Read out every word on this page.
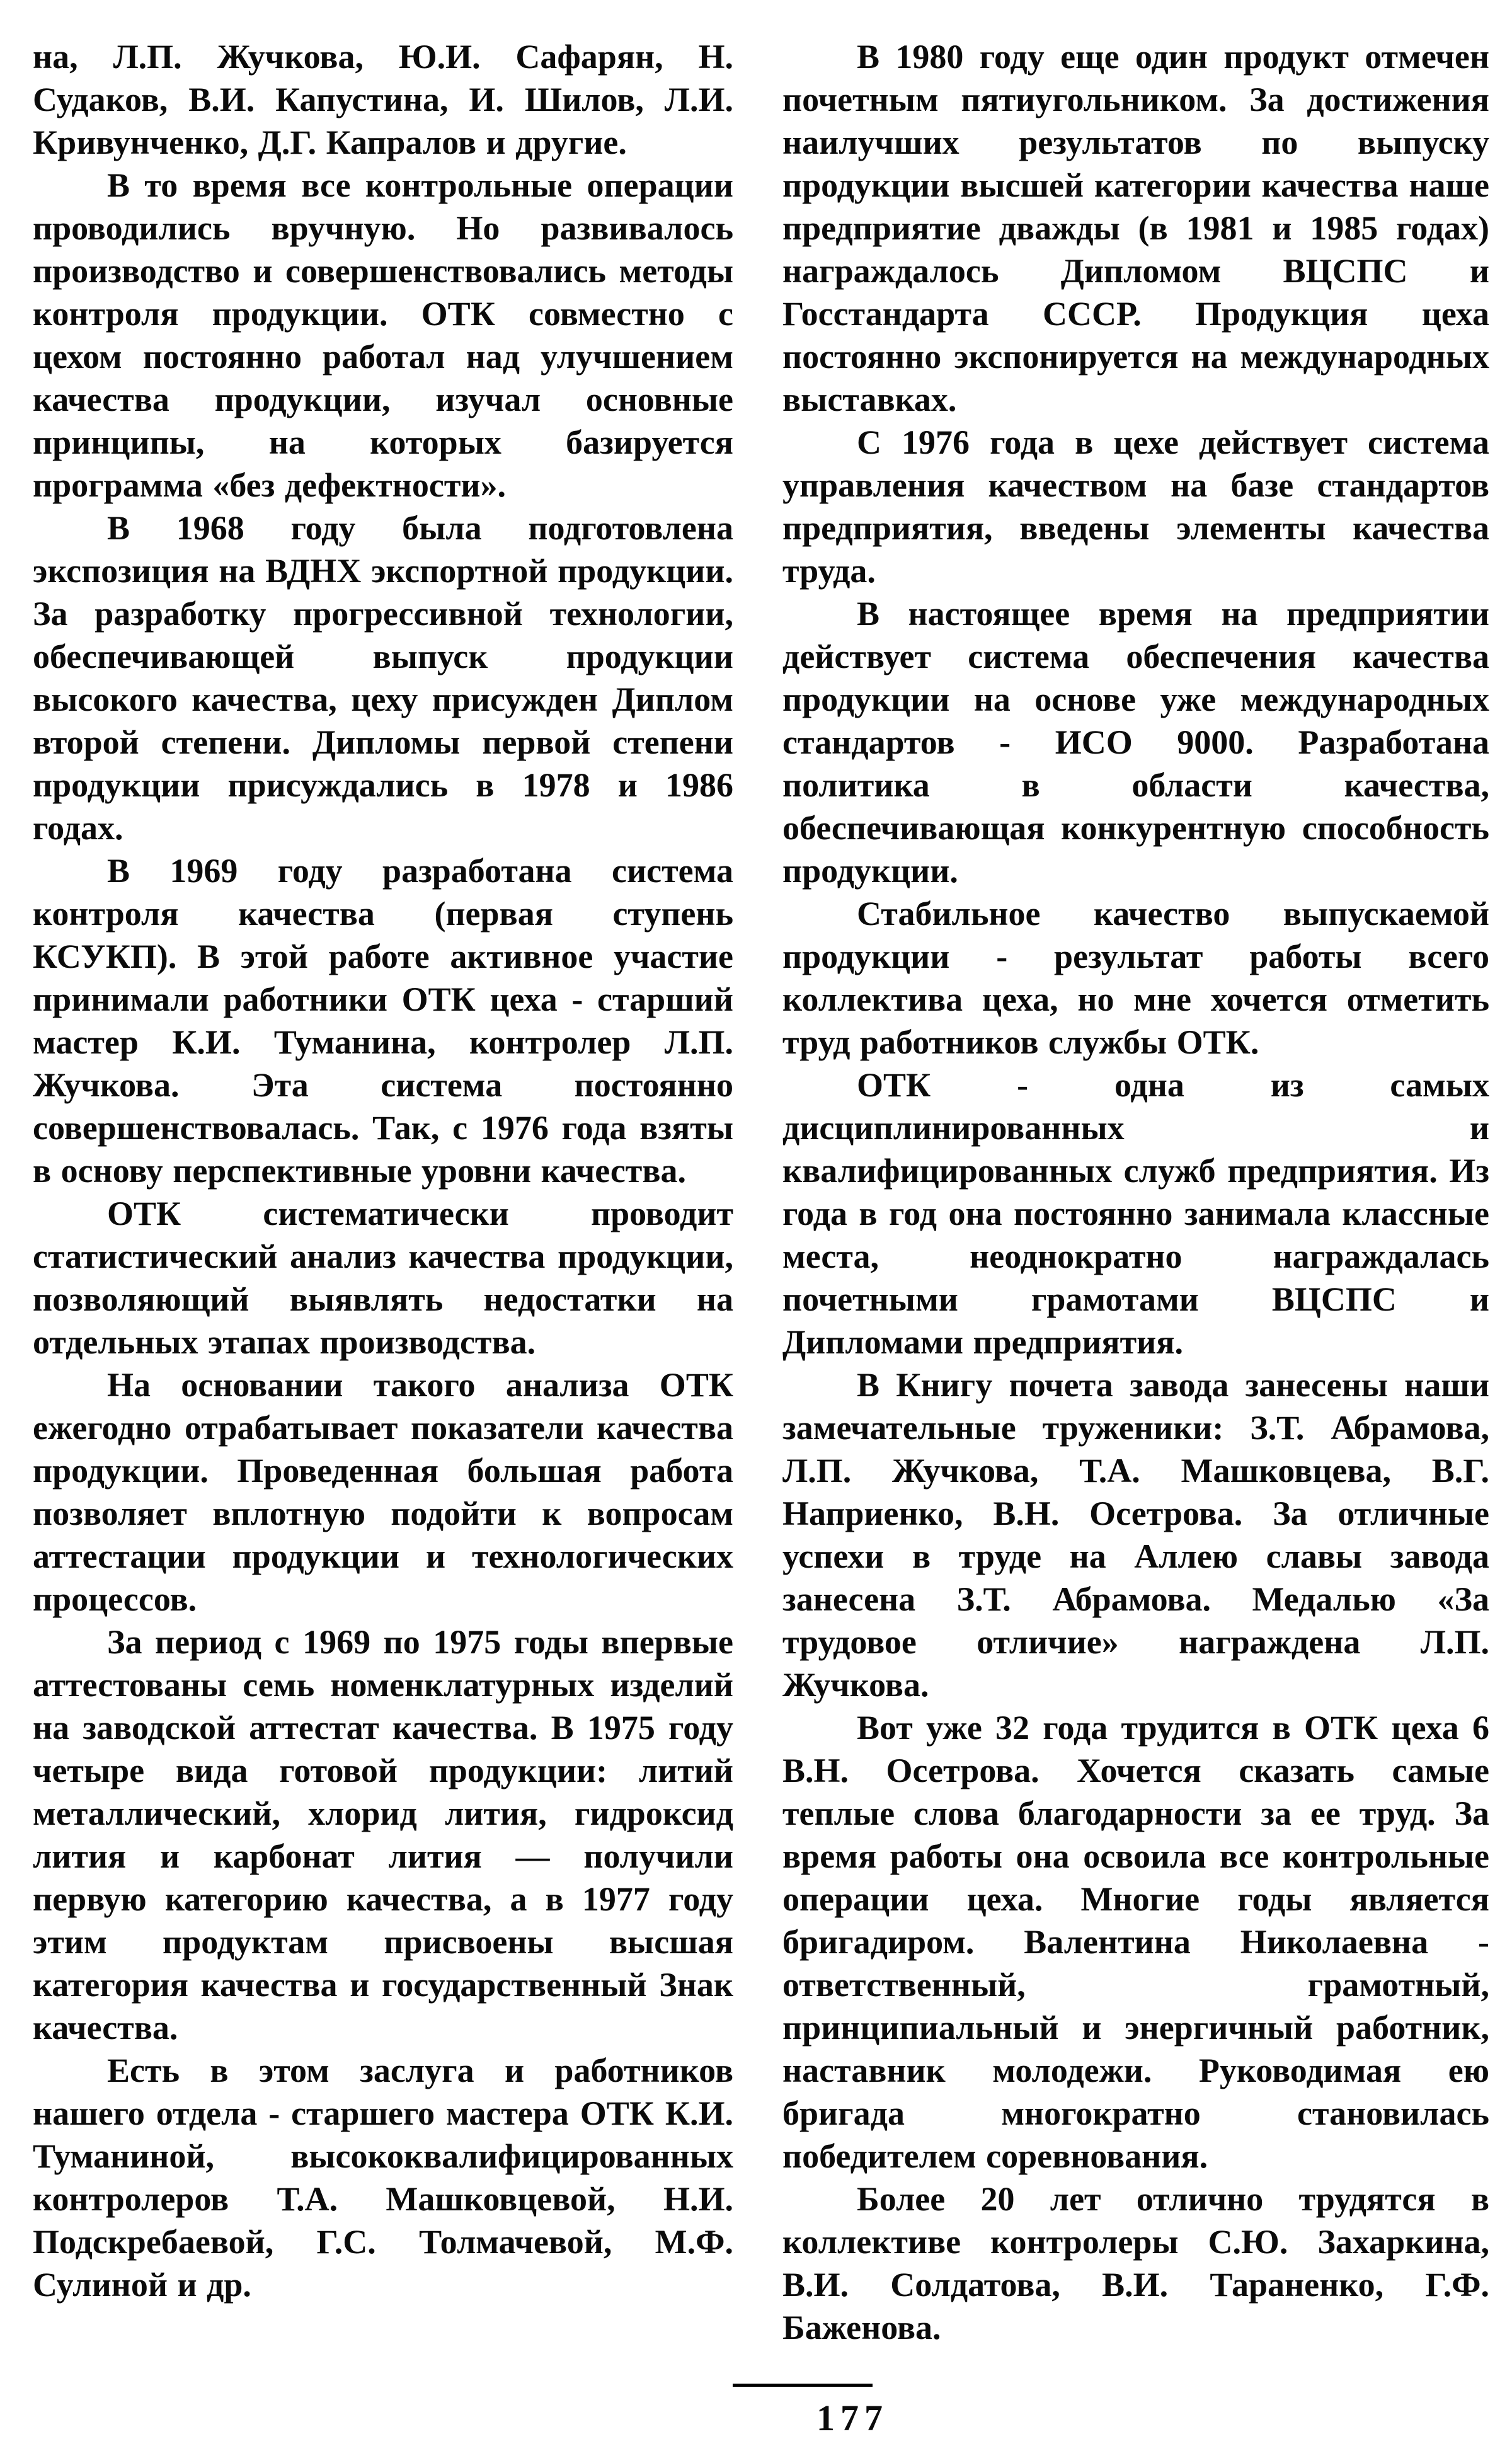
на, Л.П. Жучкова, Ю.И. Сафарян, Н. Судаков, В.И. Капустина, И. Шилов, Л.И. Кривунченко, Д.Г. Капралов и другие.

В то время все контрольные операции проводились вручную. Но развивалось производство и совершенствовались методы контроля продукции. ОТК совместно с цехом постоянно работал над улучшением качества продукции, изучал основные принципы, на которых базируется программа «без дефектности».

В 1968 году была подготовлена экспозиция на ВДНХ экспортной продукции. За разработку прогрессивной технологии, обеспечивающей выпуск продукции высокого качества, цеху присужден Диплом второй степени. Дипломы первой степени продукции присуждались в 1978 и 1986 годах.

В 1969 году разработана система контроля качества (первая ступень КСУКП). В этой работе активное участие принимали работники ОТК цеха - старший мастер К.И. Туманина, контролер Л.П. Жучкова. Эта система постоянно совершенствовалась. Так, с 1976 года взяты в основу перспективные уровни качества.

ОТК систематически проводит статистический анализ качества продукции, позволяющий выявлять недостатки на отдельных этапах производства.

На основании такого анализа ОТК ежегодно отрабатывает показатели качества продукции. Проведенная большая работа позволяет вплотную подойти к вопросам аттестации продукции и технологических процессов.

За период с 1969 по 1975 годы впервые аттестованы семь номенклатурных изделий на заводской аттестат качества. В 1975 году четыре вида готовой продукции: литий металлический, хлорид лития, гидроксид лития и карбонат лития — получили первую категорию качества, а в 1977 году этим продуктам присвоены высшая категория качества и государственный Знак качества.

Есть в этом заслуга и работников нашего отдела - старшего мастера ОТК К.И. Туманиной, высококвалифицированных контролеров Т.А. Машковцевой, Н.И. Подскребаевой, Г.С. Толмачевой, М.Ф. Сулиной и др.

В 1980 году еще один продукт отмечен почетным пятиугольником. За достижения наилучших результатов по выпуску продукции высшей категории качества наше предприятие дважды (в 1981 и 1985 годах) награждалось Дипломом ВЦСПС и Госстандарта СССР. Продукция цеха постоянно экспонируется на международных выставках.

С 1976 года в цехе действует система управления качеством на базе стандартов предприятия, введены элементы качества труда.

В настоящее время на предприятии действует система обеспечения качества продукции на основе уже международных стандартов - ИСО 9000. Разработана политика в области качества, обеспечивающая конкурентную способность продукции.

Стабильное качество выпускаемой продукции - результат работы всего коллектива цеха, но мне хочется отметить труд работников службы ОТК.

ОТК - одна из самых дисциплинированных и квалифицированных служб предприятия. Из года в год она постоянно занимала классные места, неоднократно награждалась почетными грамотами ВЦСПС и Дипломами предприятия.

В Книгу почета завода занесены наши замечательные труженики: З.Т. Абрамова, Л.П. Жучкова, Т.А. Машковцева, В.Г. Наприенко, В.Н. Осетрова. За отличные успехи в труде на Аллею славы завода занесена З.Т. Абрамова. Медалью «За трудовое отличие» награждена Л.П. Жучкова.

Вот уже 32 года трудится в ОТК цеха 6 В.Н. Осетрова. Хочется сказать самые теплые слова благодарности за ее труд. За время работы она освоила все контрольные операции цеха. Многие годы является бригадиром. Валентина Николаевна - ответственный, грамотный, принципиальный и энергичный работник, наставник молодежи. Руководимая ею бригада многократно становилась победителем соревнования.

Более 20 лет отлично трудятся в коллективе контролеры С.Ю. Захаркина, В.И. Солдатова, В.И. Тараненко, Г.Ф. Баженова.

177
